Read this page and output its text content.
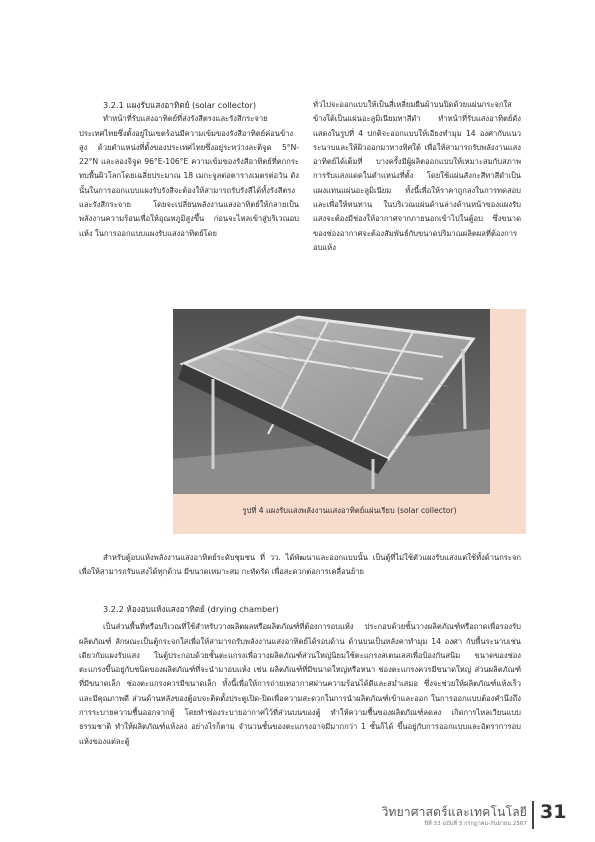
3.2.1 แผงรับแสงอาทิตย์ (solar collector)

ทำหน้าที่รับแสงอาทิตย์ที่ส่งรังสีตรงและรังสีกระจาย ประเทศไทยซึ่งตั้งอยู่ในเขตร้อนมีความเข้มของรังสีอาทิตย์ค่อนข้างสูง ด้วยตำแหน่งที่ตั้งของประเทศไทยซึ่งอยู่ระหว่างละติจูด 5°N-22°N และลองจิจูด 96°E-106°E ความเข้มของรังสีอาทิตย์ที่ตกกระทบพื้นผิวโลกโดยเฉลี่ยประมาณ 18 เมกะจูลต่อตารางเมตรต่อวัน ดังนั้นในการออกแบบแผงรับรังสีจะต้องให้สามารถรับรังสีได้ทั้งรังสีตรงและรังสีกระจาย โดยจะเปลี่ยนพลังงานแสงอาทิตย์ให้กลายเป็นพลังงานความร้อนเพื่อให้อุณหภูมิสูงขึ้น ก่อนจะไหลเข้าสู่บริเวณอบแห้ง ในการออกแบบแผงรับแสงอาทิตย์โดย

ทั่วไปจะออกแบบให้เป็นสี่เหลี่ยมผืนผ้าบนปิดด้วยแผ่นกระจกใส ข้างใต้เป็นแผ่นอะลูมิเนียมทาสีดำ ทำหน้าที่รับแสงอาทิตย์ดังแสดงในรูปที่ 4 ปกติจะออกแบบให้เอียงทำมุม 14 องศากับแนวระนาบและให้ผิวออกมาทางทิศใต้ เพื่อให้สามารถรับพลังงานแสงอาทิตย์ได้เต็มที่ บางครั้งมีผู้ผลิตออกแบบให้เหมาะสมกับสภาพการรับแสงแดดในตำแหน่งที่ตั้ง โดยใช้แผ่นสังกะสีทาสีดำเป็นแผงแทนแผ่นอะลูมิเนียม ทั้งนี้เพื่อให้ราคาถูกลงในการทดสอบและเพื่อให้ทนทาน ในบริเวณแผ่นด้านล่างด้านหน้าของแผงรับแสงจะต้องมีช่องให้อากาศจากภายนอกเข้าไปในตู้อบ ซึ่งขนาดของช่องอากาศจะต้องสัมพันธ์กับขนาดปริมาณผลิตผลที่ต้องการอบแห้ง

รูปที่ 4 แผงรับแสงพลังงานแสงอาทิตย์แผ่นเรียบ (solar collector)

สำหรับตู้อบแห้งพลังงานแสงอาทิตย์ระดับชุมชน ที่ วว. ได้พัฒนาและออกแบบนั้น เป็นตู้ที่ไม่ใช้ตัวแผงรับแสงแต่ใช้ทั้งด้านกระจกเพื่อให้สามารถรับแสงได้ทุกด้าน มีขนาดเหมาะสม กะทัดรัด เพื่อสะดวกต่อการเคลื่อนย้าย

3.2.2 ห้องอบแห้งแสงอาทิตย์ (drying chamber)

เป็นส่วนพื้นที่หรือบริเวณที่ใช้สำหรับวางผลิตผลหรือผลิตภัณฑ์ที่ต้องการอบแห้ง ประกอบด้วยชั้นวางผลิตภัณฑ์หรือถาดเพื่อรองรับผลิตภัณฑ์ ลักษณะเป็นตู้กระจกใสเพื่อให้สามารถรับพลังงานแสงอาทิตย์ได้รอบด้าน ด้านบนเป็นหลังคาทำมุม 14 องศา กับพื้นระนาบเช่นเดียวกับแผงรับแสง ในตู้ประกอบด้วยชั้นตะแกรงเพื่อวางผลิตภัณฑ์ส่วนใหญ่นิยมใช้ตะแกรงสเตนเลสเพื่อป้องกันสนิม ขนาดของช่องตะแกรงขึ้นอยู่กับชนิดของผลิตภัณฑ์ที่จะนำมาอบแห้ง เช่น ผลิตภัณฑ์ที่มีขนาดใหญ่หรือหนา ช่องตะแกรงควรมีขนาดใหญ่ ส่วนผลิตภัณฑ์ที่มีขนาดเล็ก ช่องตะแกรงควรมีขนาดเล็ก ทั้งนี้เพื่อให้การถ่ายเทอากาศผ่านความร้อนได้ดีและสม่ำเสมอ ซึ่งจะช่วยให้ผลิตภัณฑ์แห้งเร็วและมีคุณภาพดี ส่วนด้านหลังของตู้อบจะติดตั้งประตูเปิด-ปิดเพื่อความสะดวกในการนำผลิตภัณฑ์เข้าและออก ในการออกแบบต้องคำนึงถึงการระบายความชื้นออกจากตู้ โดยทำช่องระบายอากาศไว้ที่ส่วนบนของตู้ ทำให้ความชื้นของผลิตภัณฑ์ลดลง เกิดการไหลเวียนแบบธรรมชาติ ทำให้ผลิตภัณฑ์แห้งลง อย่างไรก็ตาม จำนวนชั้นของตะแกรงอาจมีมากกว่า 1 ชั้นก็ได้ ขึ้นอยู่กับการออกแบบและอัตราการอบแห้งของแต่ละตู้

วิทยาศาสตร์และเทคโนโลยี
ปีที่ 33 ฉบับที่ 3 กรกฎาคม-กันยายน 2567
31
